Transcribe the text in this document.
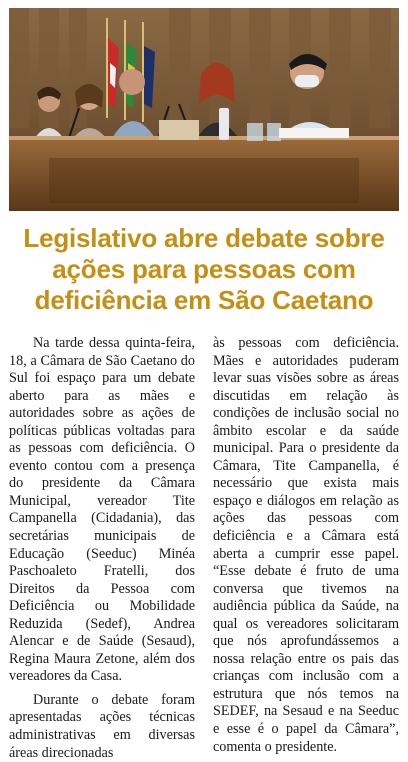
Legislativo abre debate sobre ações para pessoas com deficiência em São Caetano

Na tarde dessa quinta-feira, 18, a Câmara de São Caetano do Sul foi espaço para um debate aberto para as mães e autoridades sobre as ações de políticas públicas voltadas para as pessoas com deficiência. O evento contou com a presença do presidente da Câmara Municipal, vereador Tite Campanella (Cidadania), das secretárias municipais de Educação (Seeduc) Minéa Paschoaleto Fratelli, dos Direitos da Pessoa com Deficiência ou Mobilidade Reduzida (Sedef), Andrea Alencar e de Saúde (Sesaud), Regina Maura Zetone, além dos vereadores da Casa.

Durante o debate foram apresentadas ações técnicas administrativas em diversas áreas direcionadas

às pessoas com deficiência. Mães e autoridades puderam levar suas visões sobre as áreas discutidas em relação às condições de inclusão social no âmbito escolar e da saúde municipal. Para o presidente da Câmara, Tite Campanella, é necessário que exista mais espaço e diálogos em relação as ações das pessoas com deficiência e a Câmara está aberta a cumprir esse papel. “Esse debate é fruto de uma conversa que tivemos na audiência pública da Saúde, na qual os vereadores solicitaram que nós aprofundássemos a nossa relação entre os pais das crianças com inclusão com a estrutura que nós temos na SEDEF, na Sesaud e na Seeduc e esse é o papel da Câmara”, comenta o presidente.
